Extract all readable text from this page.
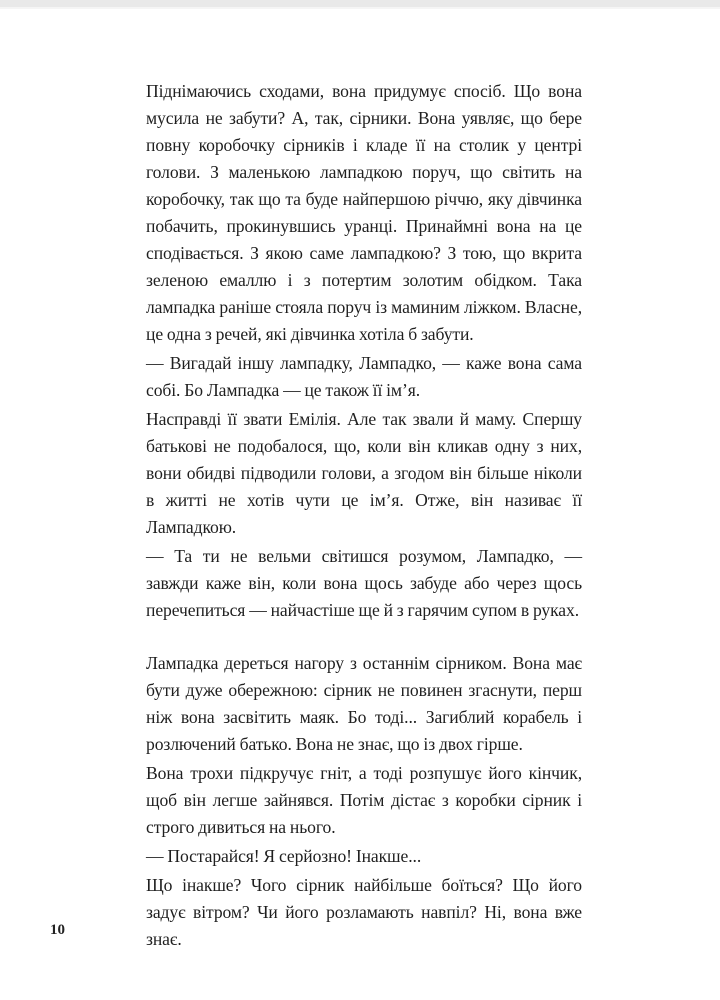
Піднімаючись сходами, вона придумує спосіб. Що вона мусила не забути? А, так, сірники. Вона уявляє, що бере повну коробочку сірників і кладе її на столик у центрі голови. З маленькою лампадкою поруч, що світить на коробочку, так що та буде найпершою річчю, яку дівчинка побачить, прокинувшись уранці. Принаймні вона на це сподівається. З якою саме лампадкою? З тою, що вкрита зеленою емаллю і з потертим золотим обідком. Така лампадка раніше стояла поруч із маминим ліжком. Власне, це одна з речей, які дівчинка хотіла б забути.

— Вигадай іншу лампадку, Лампадко, — каже вона сама собі. Бо Лампадка — це також її ім’я.

Насправді її звати Емілія. Але так звали й маму. Спершу батькові не подобалося, що, коли він кликав одну з них, вони обидві підводили голови, а згодом він більше ніколи в житті не хотів чути це ім’я. Отже, він називає її Лампадкою.

— Та ти не вельми світишся розумом, Лампадко, — завжди каже він, коли вона щось забуде або через щось перечепиться — найчастіше ще й з гарячим супом в руках.

Лампадка дереться нагору з останнім сірником. Вона має бути дуже обережною: сірник не повинен згаснути, перш ніж вона засвітить маяк. Бо тоді... Загиблий корабель і розлючений батько. Вона не знає, що із двох гірше.

Вона трохи підкручує гніт, а тоді розпушує його кінчик, щоб він легше зайнявся. Потім дістає з коробки сірник і строго дивиться на нього.

— Постарайся! Я серйозно! Інакше...

Що інакше? Чого сірник найбільше боїться? Що його задує вітром? Чи його розламають навпіл? Ні, вона вже знає.

10
